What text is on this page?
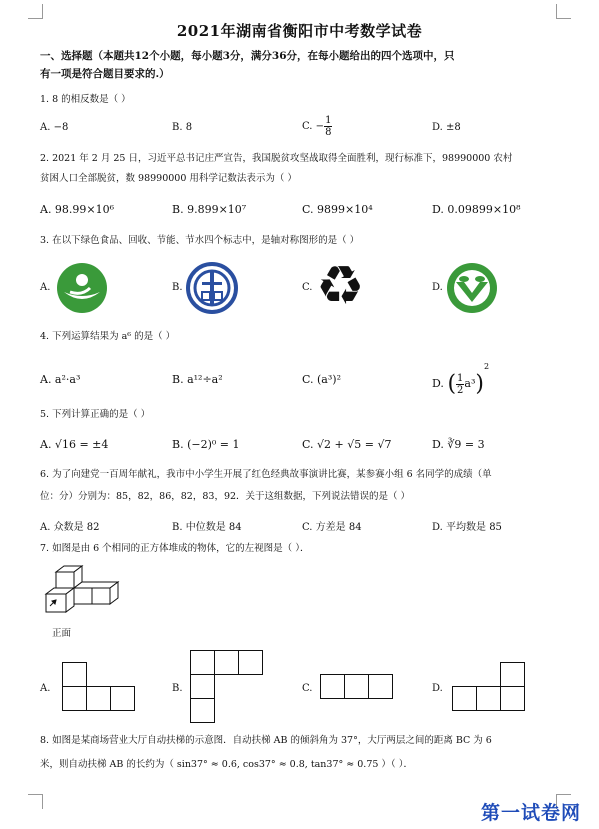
2021年湖南省衡阳市中考数学试卷
一、选择题（本题共12个小题，每小题3分，满分36分，在每小题给出的四个选项中，只
有一项是符合题目要求的.）
1. 8 的相反数是（ ）
A. −8	B. 8	C. − $\frac{1}{8}$	D. ±8
2. 2021 年 2 月 25 日，习近平总书记庄严宣告，我国脱贫攻坚战取得全面胜利，现行标准下，98990000 农村
贫困人口全部脱贫，数 98990000 用科学记数法表示为（ ）
A. 98.99×10⁶	B. 9.899×10⁷	C. 9899×10⁴	D. 0.09899×10⁸
3. 在以下绿色食品、回收、节能、节水四个标志中，是轴对称图形的是（ ）
A.	B.	C. ♻	D.
4. 下列运算结果为 a⁶ 的是（ ）
A. a²·a³	B. a¹²÷a²	C. (a³)²	D. ( $\frac{1}{2} a^3)^2$
5. 下列计算正确的是（ ）
A. √16 = ±4	B. (−2)⁰ = 1	C. √2 + √5 = √7	D. ∛9 = 3
6. 为了向建党一百周年献礼，我市中小学生开展了红色经典故事演讲比赛，某参赛小组 6 名同学的成绩（单
位：分）分别为：85，82，86，82，83，92．关于这组数据，下列说法错误的是（ ）
A. 众数是 82	B. 中位数是 84	C. 方差是 84	D. 平均数是 85
7. 如图是由 6 个相同的正方体堆成的物体，它的左视图是（ ）．
正面
A.	B.	C.	D.
8. 如图是某商场营业大厅自动扶梯的示意图．自动扶梯 AB 的倾斜角为 37°，大厅两层之间的距离 BC 为 6
米，则自动扶梯 AB 的长约为（ sin37° ≈ 0.6, cos37° ≈ 0.8, tan37° ≈ 0.75 ）（ ）．
第一试卷网
